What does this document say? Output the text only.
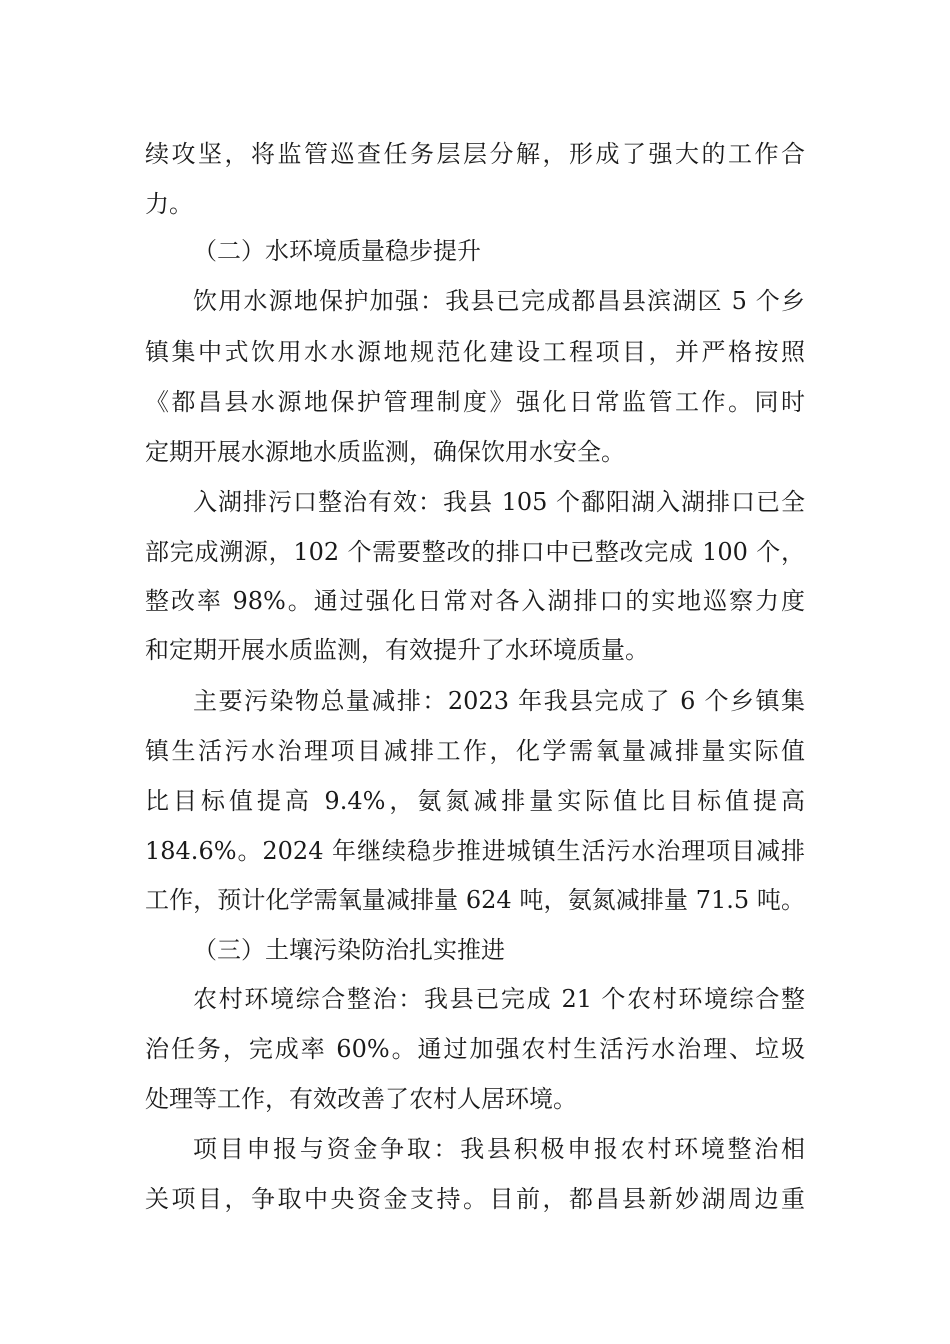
续攻坚，将监管巡查任务层层分解，形成了强大的工作合
力。
（二）水环境质量稳步提升
饮用水源地保护加强：我县已完成都昌县滨湖区 5 个乡
镇集中式饮用水水源地规范化建设工程项目，并严格按照
《都昌县水源地保护管理制度》强化日常监管工作。同时
定期开展水源地水质监测，确保饮用水安全。
入湖排污口整治有效：我县 105 个鄱阳湖入湖排口已全
部完成溯源，102 个需要整改的排口中已整改完成 100 个，
整改率 98%。通过强化日常对各入湖排口的实地巡察力度
和定期开展水质监测，有效提升了水环境质量。
主要污染物总量减排：2023 年我县完成了 6 个乡镇集
镇生活污水治理项目减排工作，化学需氧量减排量实际值
比目标值提高 9.4%，氨氮减排量实际值比目标值提高
184.6%。2024 年继续稳步推进城镇生活污水治理项目减排
工作，预计化学需氧量减排量 624 吨，氨氮减排量 71.5 吨。
（三）土壤污染防治扎实推进
农村环境综合整治：我县已完成 21 个农村环境综合整
治任务，完成率 60%。通过加强农村生活污水治理、垃圾
处理等工作，有效改善了农村人居环境。
项目申报与资金争取：我县积极申报农村环境整治相
关项目，争取中央资金支持。目前，都昌县新妙湖周边重
